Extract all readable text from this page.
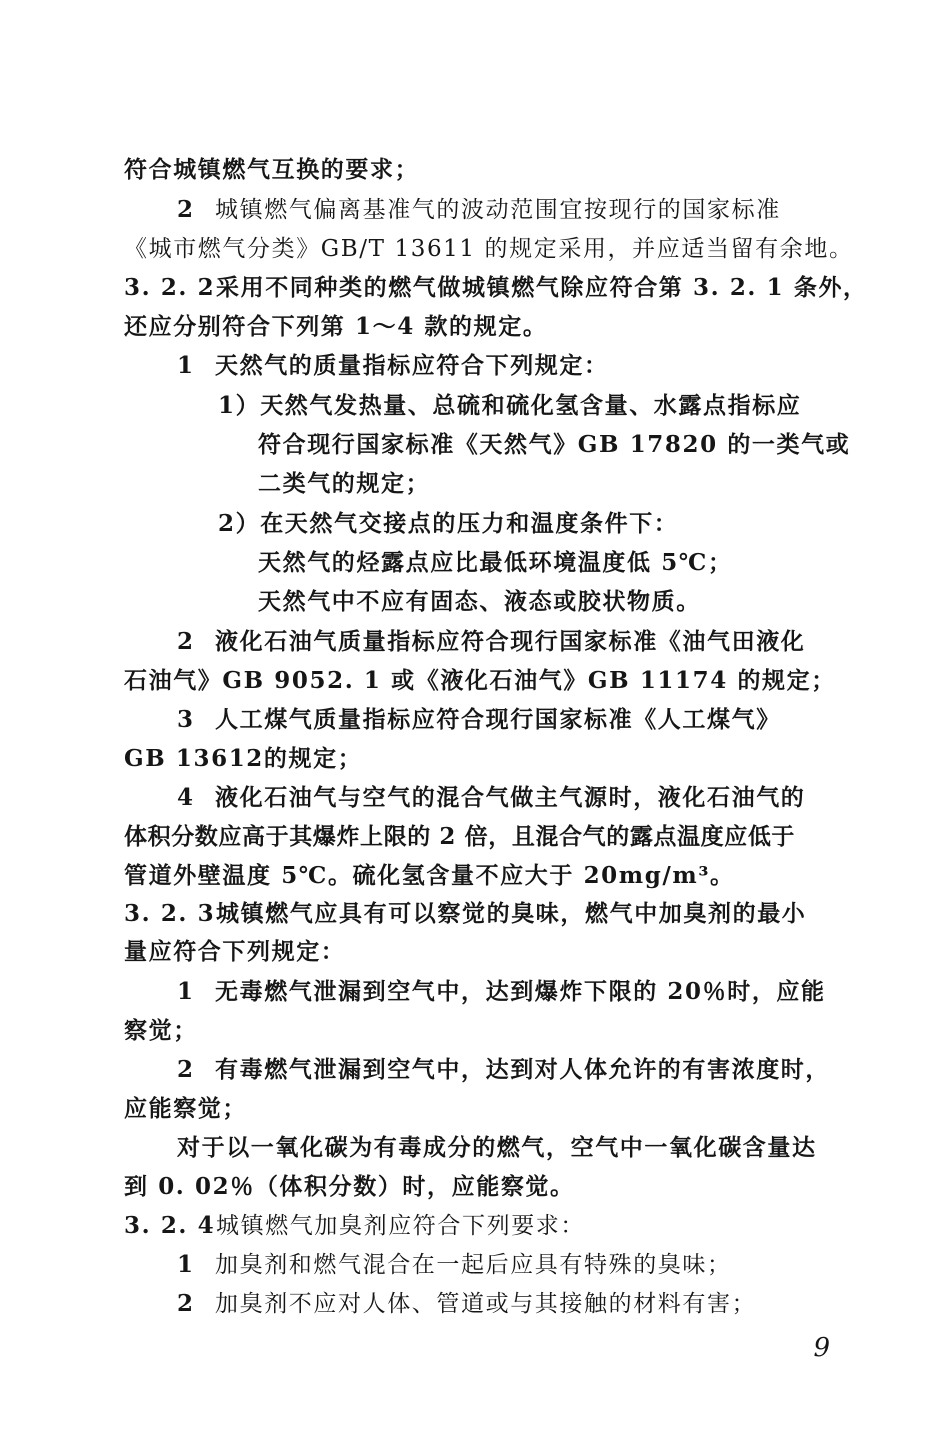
符合城镇燃气互换的要求；
2 城镇燃气偏离基准气的波动范围宜按现行的国家标准
《城市燃气分类》GB/T 13611 的规定采用，并应适当留有余地。
3. 2. 2采用不同种类的燃气做城镇燃气除应符合第 3. 2. 1 条外，
还应分别符合下列第 1～4 款的规定。
1 天然气的质量指标应符合下列规定：
1）天然气发热量、总硫和硫化氢含量、水露点指标应
符合现行国家标准《天然气》GB 17820 的一类气或
二类气的规定；
2）在天然气交接点的压力和温度条件下：
天然气的烃露点应比最低环境温度低 5℃；
天然气中不应有固态、液态或胶状物质。
2 液化石油气质量指标应符合现行国家标准《油气田液化
石油气》GB 9052. 1 或《液化石油气》GB 11174 的规定；
3 人工煤气质量指标应符合现行国家标准《人工煤气》
GB 13612的规定；
4 液化石油气与空气的混合气做主气源时，液化石油气的
体积分数应高于其爆炸上限的 2 倍，且混合气的露点温度应低于
管道外壁温度 5℃。硫化氢含量不应大于 20mg/m³。
3. 2. 3城镇燃气应具有可以察觉的臭味，燃气中加臭剂的最小
量应符合下列规定：
1 无毒燃气泄漏到空气中，达到爆炸下限的 20％时，应能
察觉；
2 有毒燃气泄漏到空气中，达到对人体允许的有害浓度时，
应能察觉；
对于以一氧化碳为有毒成分的燃气，空气中一氧化碳含量达
到 0. 02％（体积分数）时，应能察觉。
3. 2. 4城镇燃气加臭剂应符合下列要求：
1 加臭剂和燃气混合在一起后应具有特殊的臭味；
2 加臭剂不应对人体、管道或与其接触的材料有害；
9
